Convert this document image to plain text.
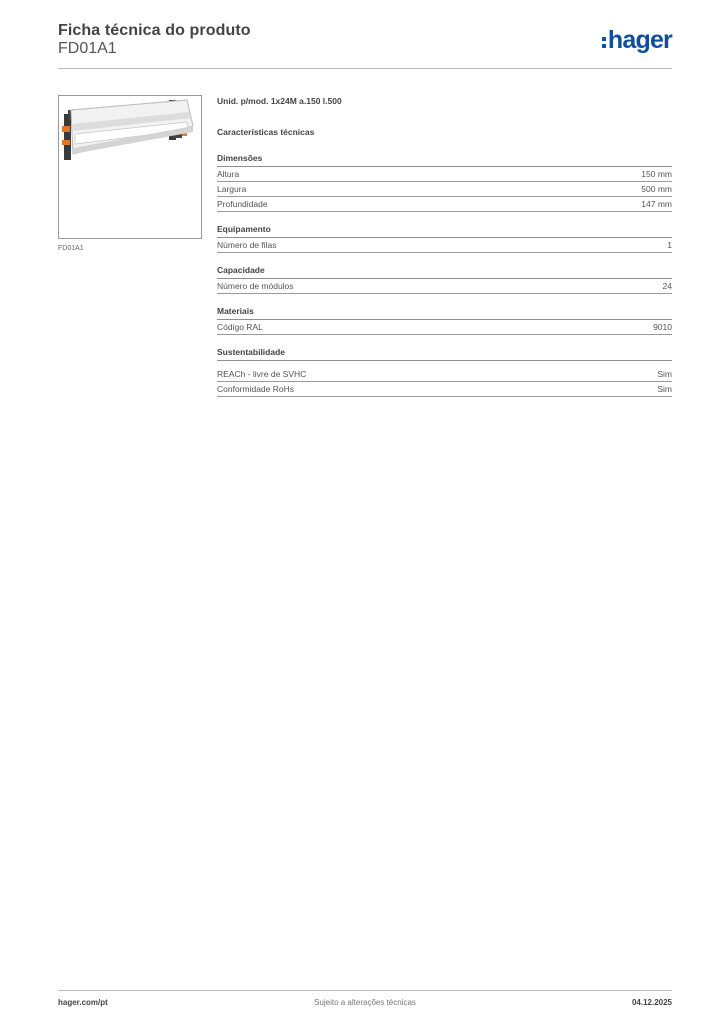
Ficha técnica do produto
FD01A1	hager
FD01A1
Unid. p/mod. 1x24M a.150 l.500
Características técnicas
Dimensões
Altura	150 mm
Largura	500 mm
Profundidade	147 mm
Equipamento
Número de filas	1
Capacidade
Número de módulos	24
Materiais
Código RAL	9010
Sustentabilidade
REACh - livre de SVHC	Sim
Conformidade RoHs	Sim
hager.com/pt	Sujeito a alterações técnicas	04.12.2025
